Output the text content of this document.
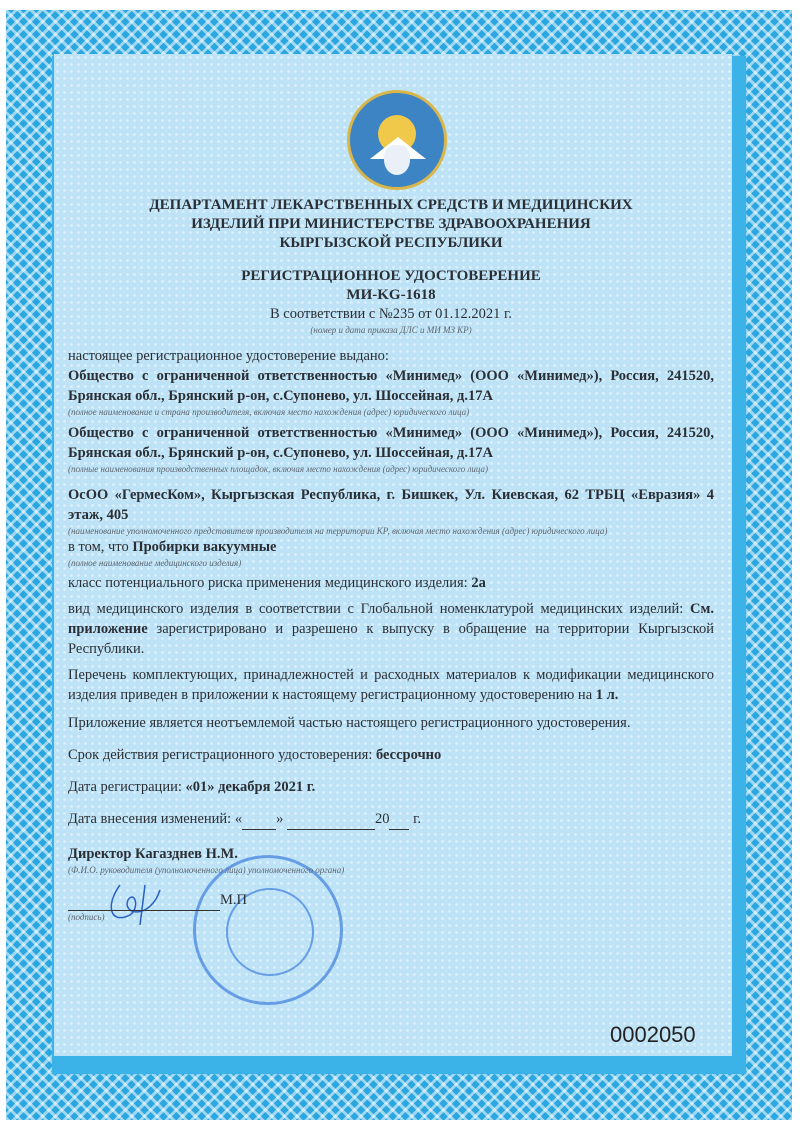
ДЕПАРТАМЕНТ ЛЕКАРСТВЕННЫХ СРЕДСТВ И МЕДИЦИНСКИХ
ИЗДЕЛИЙ ПРИ МИНИСТЕРСТВЕ ЗДРАВООХРАНЕНИЯ
КЫРГЫЗСКОЙ РЕСПУБЛИКИ
РЕГИСТРАЦИОННОЕ УДОСТОВЕРЕНИЕ
МИ-KG-1618
В соответствии с №235 от 01.12.2021 г.
(номер и дата приказа ДЛС и МИ МЗ КР)
настоящее регистрационное удостоверение выдано:
Общество с ограниченной ответственностью «Минимед» (ООО «Минимед»), Россия, 241520, Брянская обл., Брянский р-он, с.Супонево, ул. Шоссейная, д.17А
(полное наименование и страна производителя, включая место нахождения (адрес) юридического лица)
Общество с ограниченной ответственностью «Минимед» (ООО «Минимед»), Россия, 241520, Брянская обл., Брянский р-он, с.Супонево, ул. Шоссейная, д.17А
(полные наименования производственных площадок, включая место нахождения (адрес) юридического лица)
ОсОО «ГермесКом», Кыргызская Республика, г. Бишкек, Ул. Киевская, 62 ТРБЦ «Евразия» 4 этаж, 405
(наименование уполномоченного представителя производителя на территории КР, включая место нахождения (адрес) юридического лица)
в том, что Пробирки вакуумные
(полное наименование медицинского изделия)
класс потенциального риска применения медицинского изделия: 2а
вид медицинского изделия в соответствии с Глобальной номенклатурой медицинских изделий: См. приложение зарегистрировано и разрешено к выпуску в обращение на территории Кыргызской Республики.
Перечень комплектующих, принадлежностей и расходных материалов к модификации медицинского изделия приведен в приложении к настоящему регистрационному удостоверению на 1 л.
Приложение является неотъемлемой частью настоящего регистрационного удостоверения.
Срок действия регистрационного удостоверения: бессрочно
Дата регистрации: «01» декабря 2021 г.
Дата внесения изменений: « »	20  г.
Директор Кагазднев Н.М.
(Ф.И.О. руководителя (уполномоченного лица) уполномоченного органа)
М.П
(подпись)
0002050
